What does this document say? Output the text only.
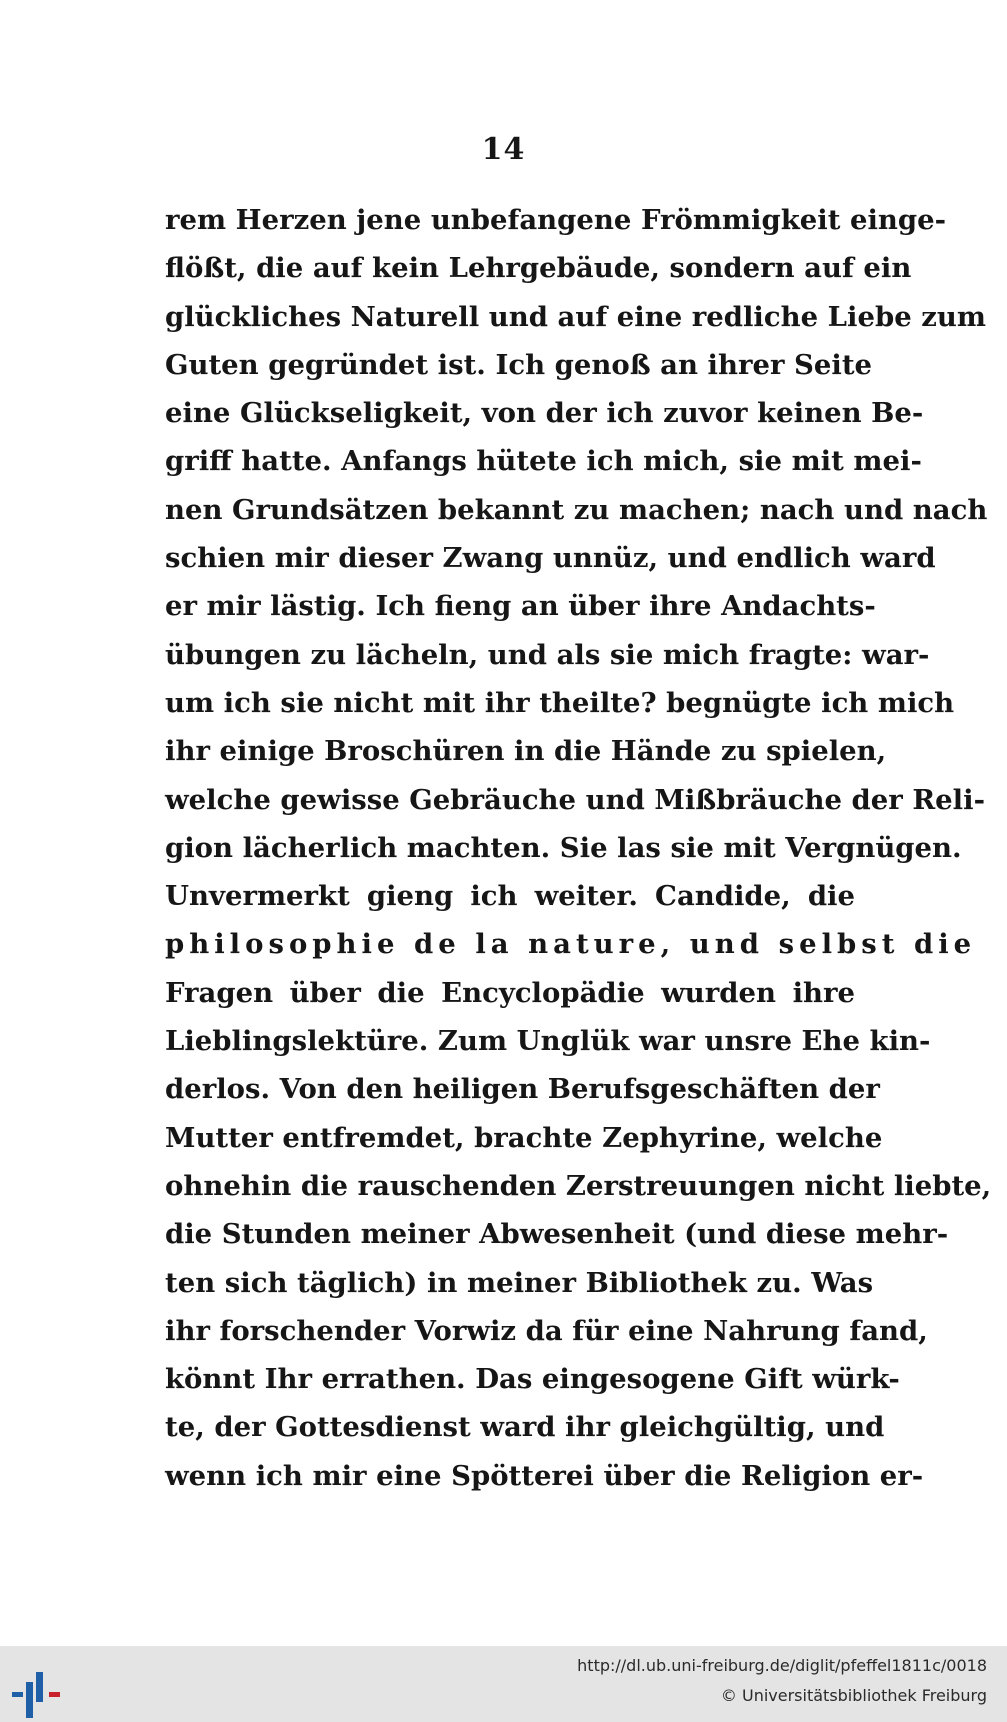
14
rem Herzen jene unbefangene Frömmigkeit einge-
flößt, die auf kein Lehrgebäude, sondern auf ein
glückliches Naturell und auf eine redliche Liebe zum
Guten gegründet ist. Ich genoß an ihrer Seite
eine Glückseligkeit, von der ich zuvor keinen Be-
griff hatte. Anfangs hütete ich mich, sie mit mei-
nen Grundsätzen bekannt zu machen; nach und nach
schien mir dieser Zwang unnüz, und endlich ward
er mir lästig. Ich fieng an über ihre Andachts-
übungen zu lächeln, und als sie mich fragte: war-
um ich sie nicht mit ihr theilte? begnügte ich mich
ihr einige Broschüren in die Hände zu spielen,
welche gewisse Gebräuche und Mißbräuche der Reli-
gion lächerlich machten. Sie las sie mit Vergnügen.
Unvermerkt gieng ich weiter. Candide, die
philosophie de la nature, und selbst die
Fragen über die Encyclopädie wurden ihre
Lieblingslektüre. Zum Unglük war unsre Ehe kin-
derlos. Von den heiligen Berufsgeschäften der
Mutter entfremdet, brachte Zephyrine, welche
ohnehin die rauschenden Zerstreuungen nicht liebte,
die Stunden meiner Abwesenheit (und diese mehr-
ten sich täglich) in meiner Bibliothek zu. Was
ihr forschender Vorwiz da für eine Nahrung fand,
könnt Ihr errathen. Das eingesogene Gift würk-
te, der Gottesdienst ward ihr gleichgültig, und
wenn ich mir eine Spötterei über die Religion er-
http://dl.ub.uni-freiburg.de/diglit/pfeffel1811c/0018
© Universitätsbibliothek Freiburg
